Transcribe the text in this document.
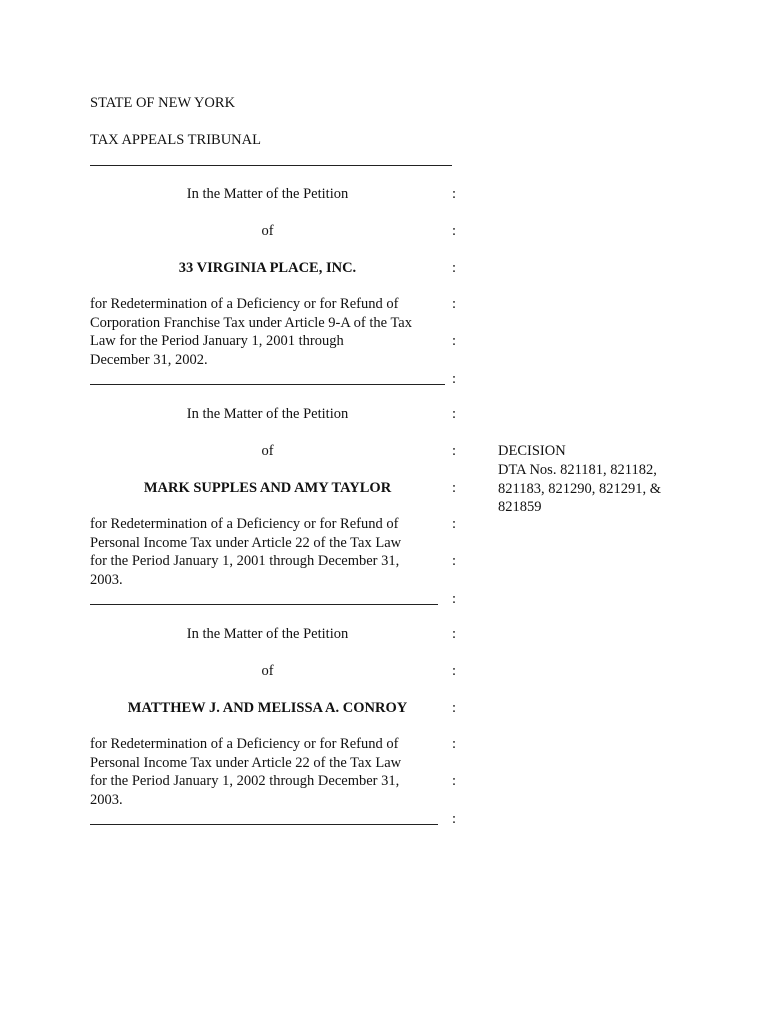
STATE OF NEW YORK
TAX APPEALS TRIBUNAL
In the Matter of the Petition
of
33 VIRGINIA PLACE, INC.
for Redetermination of a Deficiency or for Refund of
Corporation Franchise Tax under Article 9-A of the Tax
Law for the Period January 1, 2001 through
December 31, 2002.
:
:
:
:
:
:
In the Matter of the Petition
of
MARK SUPPLES AND AMY TAYLOR
for Redetermination of a Deficiency or for Refund of
Personal Income Tax under Article 22 of the Tax Law
for the Period January 1, 2001 through December 31,
2003.
:
:
:
:
:
:
In the Matter of the Petition
of
MATTHEW J. AND MELISSA A. CONROY
for Redetermination of a Deficiency or for Refund of
Personal Income Tax under Article 22 of the Tax Law
for the Period January 1, 2002 through December 31,
2003.
:
:
:
:
:
:
DECISION
DTA Nos. 821181, 821182,
821183, 821290, 821291, &
821859
